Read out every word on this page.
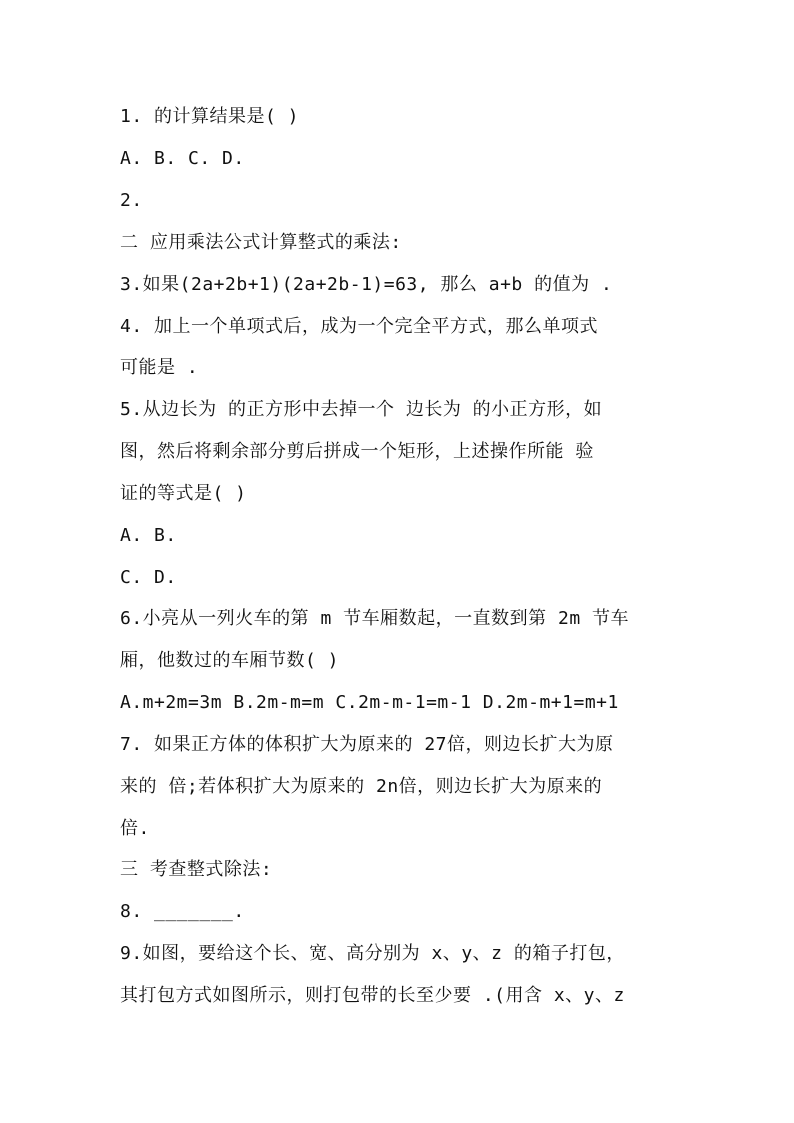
1. 的计算结果是( )
A. B. C. D.
2.
二 应用乘法公式计算整式的乘法:
3.如果(2a+2b+1)(2a+2b-1)=63, 那么 a+b 的值为 .
4. 加上一个单项式后，成为一个完全平方式，那么单项式
可能是 .
5.从边长为 的正方形中去掉一个 边长为 的小正方形，如
图，然后将剩余部分剪后拼成一个矩形，上述操作所能 验
证的等式是( )
A. B.
C. D.
6.小亮从一列火车的第 m 节车厢数起，一直数到第 2m 节车
厢，他数过的车厢节数( )
A.m+2m=3m B.2m-m=m C.2m-m-1=m-1 D.2m-m+1=m+1
7. 如果正方体的体积扩大为原来的 27倍，则边长扩大为原
来的 倍;若体积扩大为原来的 2n倍，则边长扩大为原来的
倍.
三 考查整式除法:
8. _______.
9.如图，要给这个长、宽、高分别为 x、y、z 的箱子打包，
其打包方式如图所示，则打包带的长至少要 .(用含 x、y、z
